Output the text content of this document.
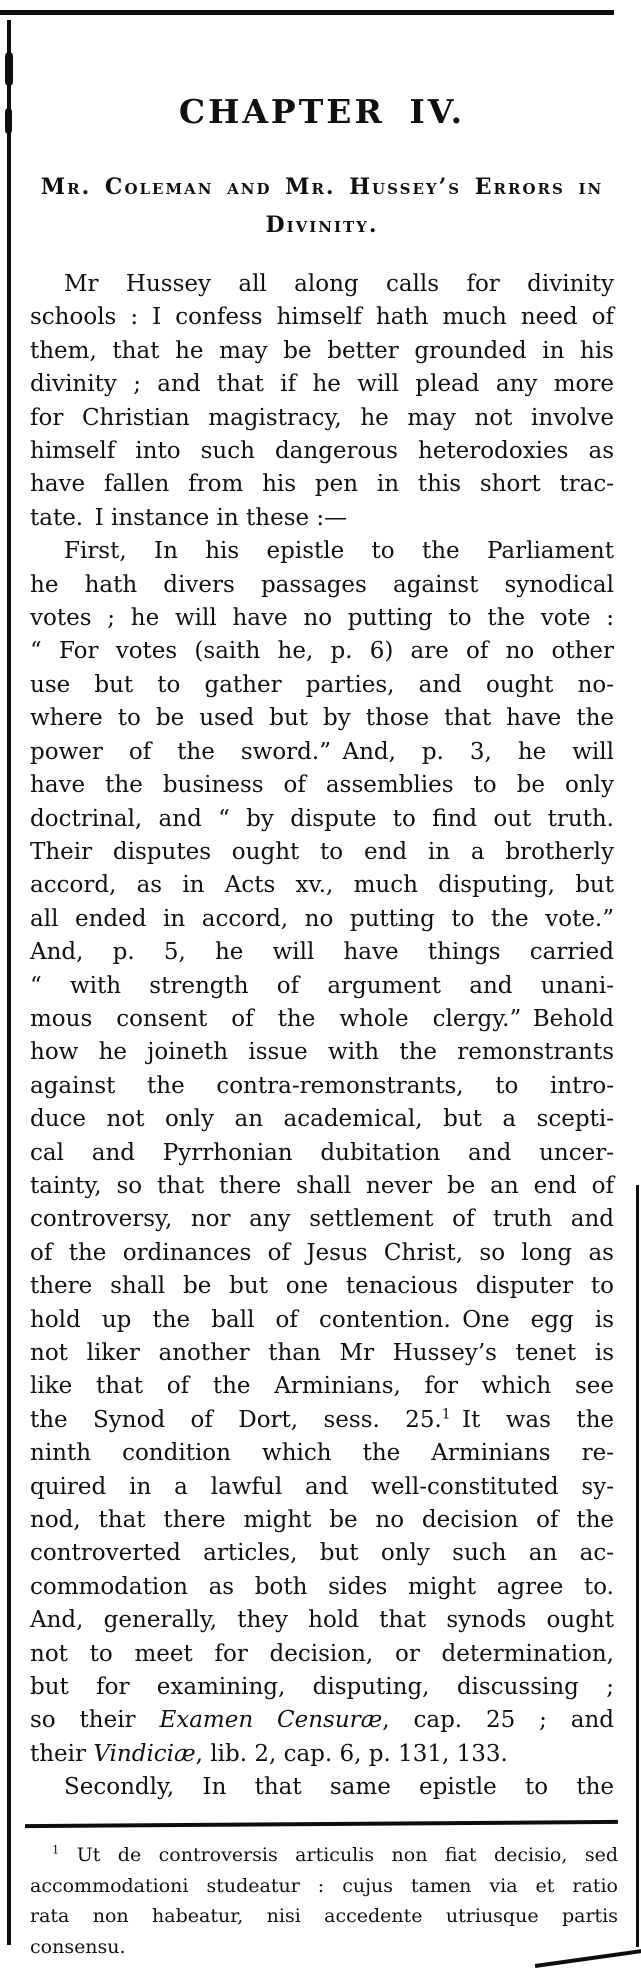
CHAPTER IV.
Mr. Coleman and Mr. Hussey’s Errors in
Divinity.
Mr Hussey all along calls for divinity
schools : I confess himself hath much need of
them, that he may be better grounded in his
divinity ; and that if he will plead any more
for Christian magistracy, he may not involve
himself into such dangerous heterodoxies as
have fallen from his pen in this short trac-
tate. I instance in these :—
First, In his epistle to the Parliament
he hath divers passages against synodical
votes ; he will have no putting to the vote :
“ For votes (saith he, p. 6) are of no other
use but to gather parties, and ought no-
where to be used but by those that have the
power of the sword.” And, p. 3, he will
have the business of assemblies to be only
doctrinal, and “ by dispute to find out truth.
Their disputes ought to end in a brotherly
accord, as in Acts xv., much disputing, but
all ended in accord, no putting to the vote.”
And, p. 5, he will have things carried
“ with strength of argument and unani-
mous consent of the whole clergy.” Behold
how he joineth issue with the remonstrants
against the contra-remonstrants, to intro-
duce not only an academical, but a scepti-
cal and Pyrrhonian dubitation and uncer-
tainty, so that there shall never be an end of
controversy, nor any settlement of truth and
of the ordinances of Jesus Christ, so long as
there shall be but one tenacious disputer to
hold up the ball of contention. One egg is
not liker another than Mr Hussey’s tenet is
like that of the Arminians, for which see
the Synod of Dort, sess. 25.$^1$ It was the
ninth condition which the Arminians re-
quired in a lawful and well-constituted sy-
nod, that there might be no decision of the
controverted articles, but only such an ac-
commodation as both sides might agree to.
And, generally, they hold that synods ought
not to meet for decision, or determination,
but for examining, disputing, discussing ;
so their Examen Censuræ, cap. 25 ; and
their Vindiciæ, lib. 2, cap. 6, p. 131, 133.
Secondly, In that same epistle to the
$^1$ Ut de controversis articulis non fiat decisio, sed
accommodationi studeatur : cujus tamen via et ratio
rata non habeatur, nisi accedente utriusque partis
consensu.
